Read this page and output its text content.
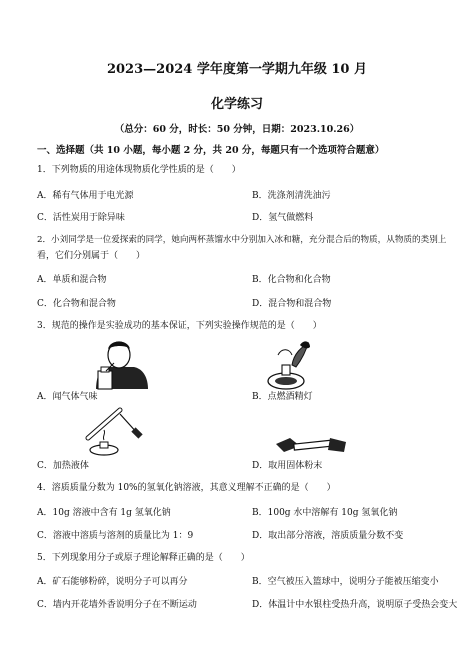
2023—2024 学年度第一学期九年级 10 月
化学练习
（总分：60 分，时长：50 分钟，日期：2023.10.26）
一、选择题（共 10 小题，每小题 2 分，共 20 分，每题只有一个选项符合题意）
1．下列物质的用途体现物质化学性质的是（　　）
A．稀有气体用于电光源	B．洗涤剂清洗油污
C．活性炭用于除异味	D．氢气做燃料
2．小刘同学是一位爱探索的同学，她向两杯蒸馏水中分别加入冰和糖，充分混合后的物质，从物质的类别上
看，它们分别属于（　　）
A．单质和混合物	B．化合物和化合物
C．化合物和混合物	D．混合物和混合物
3．规范的操作是实验成功的基本保证，下列实验操作规范的是（　　）
A．闻气体气味	B．点燃酒精灯
C．加热液体	D．取用固体粉末
4．溶质质量分数为 10%的氢氧化钠溶液，其意义理解不正确的是（　　）
A．10g 溶液中含有 1g 氢氧化钠	B．100g 水中溶解有 10g 氢氧化钠
C．溶液中溶质与溶剂的质量比为 1：9	D．取出部分溶液，溶质质量分数不变
5．下列现象用分子或原子理论解释正确的是（　　）
A．矿石能够粉碎，说明分子可以再分	B．空气被压入篮球中，说明分子能被压缩变小
C．墙内开花墙外香说明分子在不断运动	D．体温计中水银柱受热升高，说明原子受热会变大
